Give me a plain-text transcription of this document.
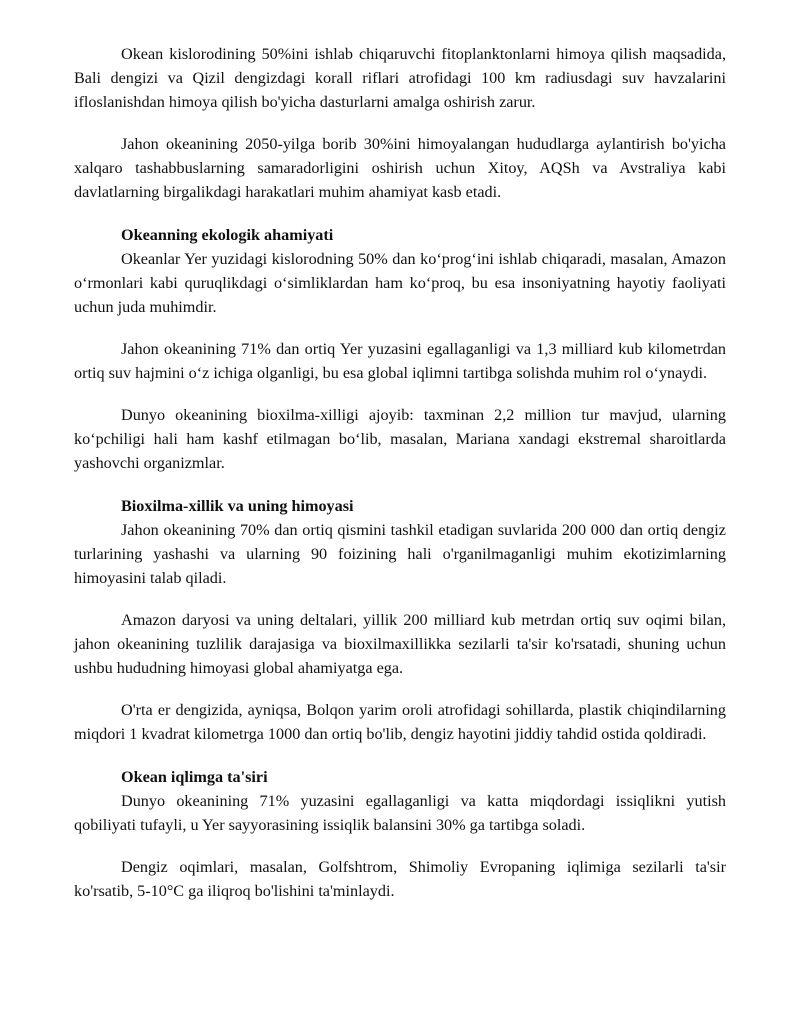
Okean kislorodining 50%ini ishlab chiqaruvchi fitoplanktonlarni himoya qilish maqsadida, Bali dengizi va Qizil dengizdagi korall riflari atrofidagi 100 km radiusdagi suv havzalarini ifloslanishdan himoya qilish bo'yicha dasturlarni amalga oshirish zarur.

Jahon okeanining 2050-yilga borib 30%ini himoyalangan hududlarga aylantirish bo'yicha xalqaro tashabbuslarning samaradorligini oshirish uchun Xitoy, AQSh va Avstraliya kabi davlatlarning birgalikdagi harakatlari muhim ahamiyat kasb etadi.

Okeanning ekologik ahamiyati

Okeanlar Yer yuzidagi kislorodning 50% dan ko‘prog‘ini ishlab chiqaradi, masalan, Amazon o‘rmonlari kabi quruqlikdagi o‘simliklardan ham ko‘proq, bu esa insoniyatning hayotiy faoliyati uchun juda muhimdir.

Jahon okeanining 71% dan ortiq Yer yuzasini egallaganligi va 1,3 milliard kub kilometrdan ortiq suv hajmini o‘z ichiga olganligi, bu esa global iqlimni tartibga solishda muhim rol o‘ynaydi.

Dunyo okeanining bioxilma-xilligi ajoyib: taxminan 2,2 million tur mavjud, ularning ko‘pchiligi hali ham kashf etilmagan bo‘lib, masalan, Mariana xandagi ekstremal sharoitlarda yashovchi organizmlar.

Bioxilma-xillik va uning himoyasi

Jahon okeanining 70% dan ortiq qismini tashkil etadigan suvlarida 200 000 dan ortiq dengiz turlarining yashashi va ularning 90 foizining hali o'rganilmaganligi muhim ekotizimlarning himoyasini talab qiladi.

Amazon daryosi va uning deltalari, yillik 200 milliard kub metrdan ortiq suv oqimi bilan, jahon okeanining tuzlilik darajasiga va bioxilmaxillikka sezilarli ta'sir ko'rsatadi, shuning uchun ushbu hududning himoyasi global ahamiyatga ega.

O'rta er dengizida, ayniqsa, Bolqon yarim oroli atrofidagi sohillarda, plastik chiqindilarning miqdori 1 kvadrat kilometrga 1000 dan ortiq bo'lib, dengiz hayotini jiddiy tahdid ostida qoldiradi.

Okean iqlimga ta'siri

Dunyo okeanining 71% yuzasini egallaganligi va katta miqdordagi issiqlikni yutish qobiliyati tufayli, u Yer sayyorasining issiqlik balansini 30% ga tartibga soladi.

Dengiz oqimlari, masalan, Golfshtrom, Shimoliy Evropaning iqlimiga sezilarli ta'sir ko'rsatib, 5-10°C ga iliqroq bo'lishini ta'minlaydi.
